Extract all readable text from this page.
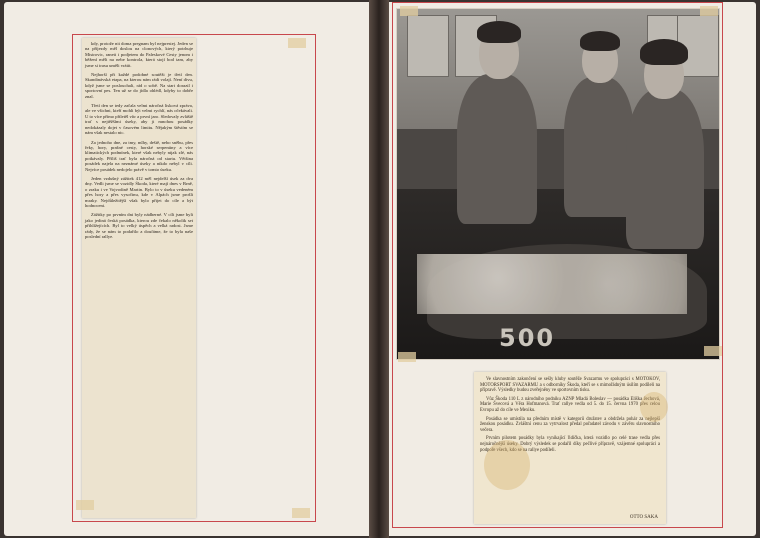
kdy, protože nit doma pregnam byl nejprestej. Jeden se na příjezdy měl doslou na clonových, který potrhuje Mistrovic, raneti i podjetem do Paleskové Cesty jenom i běžení měli na nebe kontrola, která stojí bod tam, aby jsme si trasu uměli vrátit.

Nejhorší při každé podobné soutěži je třetí den. Skandinávská etapa, na kterou nám rádi volají. Není divu, když jsme se poslouchali, rád o sobě. Na start dorazil i sportovní pes. Ten už se do jídla ohlédl, kdyby to dobře znal.

Třetí den se tedy začala velmi náročná lisková zpráva, ale ve všichni, kteří mohli být velmi rychlí, nás očekávali. U to více přímo přiletěl vítr a první jaro. Sledovaly zvláště trať s nejtěžšími úseky, aby ji mnohou posádky nedokázaly dojet v časovém limitu. Nějakým štěstím se nám však nestalo nic.

Za jednoho dne, za tmy, mlhy, deště, nebo sněhu, přes řeky, hory, prašné cesty, horské serpentiny a více klimatických podmínek, které však nebyly nijak zlé, nás potkávaly. Příliš trať byla náročná od startu. Většina posádek najela na neznámé úseky a nikdo nebyl v cíli. Nejvíce posádek nedojelo právě v tomto úseku.

Jeden vzdušný zážitek 412 měl nejdelší úsek za dva dny. Vedli jsme se vozidly Škoda, které mají dnes v Brně, o zraku i ve Vojvodině Martin. Bylo to v úseku vedeném přes hory a přes vysočinu, kde v Alpách jsme prošli mraky. Nejdůležitější však bylo přijet do cíle a být hodnoceni.

Zážitky po prvním dni byly nádherné. V cíli jsme byli jako jediná česká posádka, kterou zde čekalo několik set přihlížejících. Byl to velký úspěch a velká radost. Jsme rády, že se nám to podařilo a doufáme, že to byla naše poslední rallye.

500

Ve slavnostním zakončení se sešly kluby soutěže Svazarmu ve spolupráci s MOTOKOV, MOTORSPORT SVAZARMU a s odborníky Škoda, kteří se s mimořádným úsilím podíleli na přípravě. Výsledky budou zveřejněny ve sportovním tisku.

Vůz Škoda 110 L z národního podniku AZNP Mladá Boleslav — posádka Eliška Jechová, Marie Švecová a Věra Hofmanová. Trať rallye vedla od 5. do 15. června 1970 přes celou Evropu až do cíle ve Mexiku.

Posádka se umístila na předním místě v kategorii družstev a obdržela pohár za nejlepší ženskou posádku. Zvláštní cenu za vytrvalost předal pořadatel závodu v závěru slavnostního večera.

Prvním pilotem posádky byla vynikající řidička, která vozidlo po celé trase vedla přes nejnáročnější úseky. Dobrý výsledek se podařil díky pečlivé přípravě, vzájemné spolupráci a podpoře všech, kdo se na rallye podíleli.

OTTO SAKA
